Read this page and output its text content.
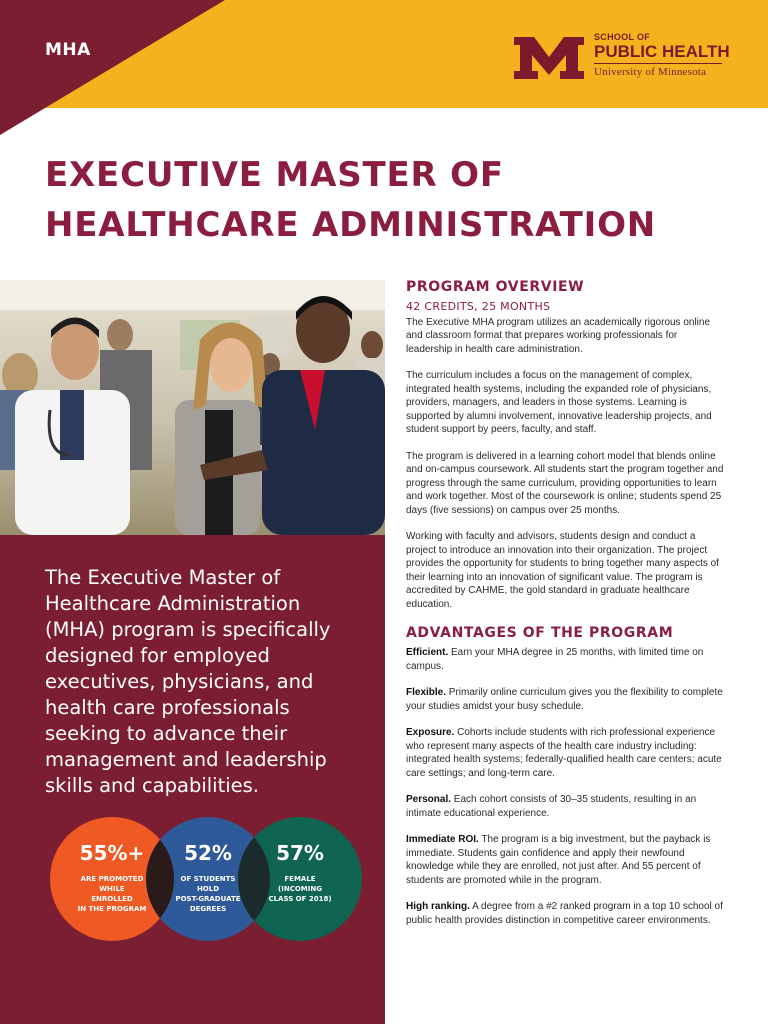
MHA
SCHOOL OF
PUBLIC HEALTH
University of Minnesota
EXECUTIVE MASTER OF
HEALTHCARE ADMINISTRATION

The Executive Master of Healthcare Administration (MHA) program is specifically designed for employed executives, physicians, and health care professionals seeking to advance their management and leadership skills and capabilities.

55%+
ARE PROMOTED
WHILE
ENROLLED
IN THE PROGRAM
52%
OF STUDENTS
HOLD
POST-GRADUATE
DEGREES
57%
FEMALE
(INCOMING
CLASS OF 2018)
PROGRAM OVERVIEW
42 CREDITS, 25 MONTHS

The Executive MHA program utilizes an academically rigorous online and classroom format that prepares working professionals for leadership in health care administration.

The curriculum includes a focus on the management of complex, integrated health systems, including the expanded role of physicians, providers, managers, and leaders in those systems. Learning is supported by alumni involvement, innovative leadership projects, and student support by peers, faculty, and staff.

The program is delivered in a learning cohort model that blends online and on-campus coursework. All students start the program together and progress through the same curriculum, providing opportunities to learn and work together. Most of the coursework is online; students spend 25 days (five sessions) on campus over 25 months.

Working with faculty and advisors, students design and conduct a project to introduce an innovation into their organization. The project provides the opportunity for students to bring together many aspects of their learning into an innovation of significant value. The program is accredited by CAHME, the gold standard in graduate healthcare education.

ADVANTAGES OF THE PROGRAM

Efficient. Earn your MHA degree in 25 months, with limited time on campus.

Flexible. Primarily online curriculum gives you the flexibility to complete your studies amidst your busy schedule.

Exposure. Cohorts include students with rich professional experience who represent many aspects of the health care industry including: integrated health systems; federally-qualified health care centers; acute care settings; and long-term care.

Personal. Each cohort consists of 30–35 students, resulting in an intimate educational experience.

Immediate ROI. The program is a big investment, but the payback is immediate. Students gain confidence and apply their newfound knowledge while they are enrolled, not just after. And 55 percent of students are promoted while in the program.

High ranking. A degree from a #2 ranked program in a top 10 school of public health provides distinction in competitive career environments.
